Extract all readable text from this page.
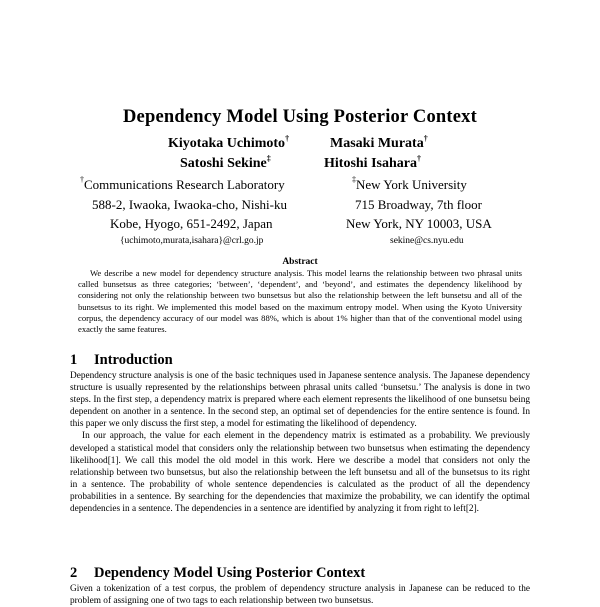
Dependency Model Using Posterior Context
Kiyotaka Uchimoto†	Masaki Murata†
Satoshi Sekine‡	Hitoshi Isahara†
†Communications Research Laboratory
588-2, Iwaoka, Iwaoka-cho, Nishi-ku
Kobe, Hyogo, 651-2492, Japan
{uchimoto,murata,isahara}@crl.go.jp
‡New York University
715 Broadway, 7th floor
New York, NY 10003, USA
sekine@cs.nyu.edu
Abstract

We describe a new model for dependency structure analysis. This model learns the relationship between two phrasal units called bunsetsus as three categories; ‘between’, ‘dependent’, and ‘beyond’, and estimates the dependency likelihood by considering not only the relationship between two bunsetsus but also the relationship between the left bunsetsu and all of the bunsetsus to its right. We implemented this model based on the maximum entropy model. When using the Kyoto University corpus, the dependency accuracy of our model was 88%, which is about 1% higher than that of the conventional model using exactly the same features.

1 Introduction

Dependency structure analysis is one of the basic techniques used in Japanese sentence analysis. The Japanese dependency structure is usually represented by the relationships between phrasal units called ‘bunsetsu.’ The analysis is done in two steps. In the first step, a dependency matrix is prepared where each element represents the likelihood of one bunsetsu being dependent on another in a sentence. In the second step, an optimal set of dependencies for the entire sentence is found. In this paper we only discuss the first step, a model for estimating the likelihood of dependency.

In our approach, the value for each element in the dependency matrix is estimated as a probability. We previously developed a statistical model that considers only the relationship between two bunsetsus when estimating the dependency likelihood[1]. We call this model the old model in this work. Here we describe a model that considers not only the relationship between two bunsetsus, but also the relationship between the left bunsetsu and all of the bunsetsus to its right in a sentence. The probability of whole sentence dependencies is calculated as the product of all the dependency probabilities in a sentence. By searching for the dependencies that maximize the probability, we can identify the optimal dependencies in a sentence. The dependencies in a sentence are identified by analyzing it from right to left[2].

2 Dependency Model Using Posterior Context

Given a tokenization of a test corpus, the problem of dependency structure analysis in Japanese can be reduced to the problem of assigning one of two tags to each relationship between two bunsetsus.
